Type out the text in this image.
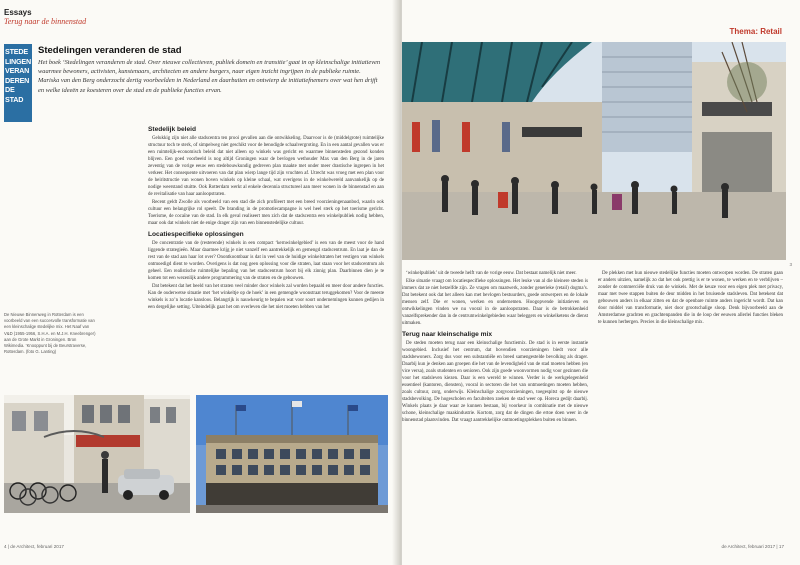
Essays
Terug naar de binnenstad
STEDE
LINGEN
VERAN
DEREN
DE
STAD
Stedelingen veranderen de stad
Het boek ‘Stedelingen veranderen de stad. Over nieuwe collectieven, publiek domein en transitie’ gaat in op kleinschalige initiatieven waarmee bewoners, activisten, kunstenaars, architecten en andere burgers, naar eigen inzicht ingrijpen in de publieke ruimte. Mariska van den Berg onderzocht dertig voorbeelden in Nederland en daarbuiten en ontwierp de initiatiefnemers over wat hen drijft en welke ideeën ze koesteren over de stad en de publieke functies ervan.
Stedelijk beleid

Gelukkig zijn niet alle stadscentra ten prooi gevallen aan die ontwikkeling. Daarvoor is de (middelgrote) ruimtelijke structuur toch te sterk, of simpelweg niet geschikt voor de benodigde schaalvergroting. En in een aantal gevallen was er een ruimtelijk-economisch beleid dat niet alleen op winkels was gericht en waarmee binnensteden gezond konden blijven. Een goed voorbeeld is nog altijd Groningen waar de bevlogen wethouder Max van den Berg in de jaren zeventig van de vorige eeuw een stedebouwkundig gedreven plan maakte met onder meer drastische ingrepen in het verkeer. Het consequente uitvoeren van dat plan wierp lange tijd zijn vruchten af. Utrecht was vroeg met een plan voor de heiritstructie van wonen boven winkels op kleine schaal, wat overigens in de winkelwereld aanvankelijk op de nodige weerstand stuitte. Ook Rotterdam werkt al enkele decennia structureel aan meer wonen in de binnenstad en aan de revitalisatie van haar aanloopstraten.

Recent geldt Zwolle als voorbeeld van een stad die zich profileert met een breed voorzieningenaanbod, waarin ook cultuur een belangrijke rol speelt. De branding in de promotiecampagne is wel heel sterk op het toerisme gericht. Toerisme, de cocaïne van de stad. In elk geval realiseert men zich dat de stadscentra een winkelpubliek nodig hebben, maar ook dat winkels niet de enige drager zijn van een binnenstedelijke cultuur.

Locatiespecifieke oplossingen

De concentratie van de (resterende) winkels in een compact ‘kernwinkelgebied’ is een van de meest voor de hand liggende strategieën. Maar daarmee krijg je niet vanzelf een aantrekkelijk en gemengd stadscentrum. En laat je dan de rest van de stad aan haar lot over? Onontkoombaar is dat in veel van de huidige winkelstraten het vestigen van winkels ontmoedigd dient te worden. Overigens is dat nog geen oplossing voor die straten, laat staan voor het stadscentrum als geheel. Een realistische ruimtelijke bepaling van het stadscentrum hoort bij elk zinnig plan. Daarbinnen dien je te komen tot een wezenlijk andere programmering van de straten en de gebouwen.

Dat betekent dat het beeld van het straten veel minder door winkels zal worden bepaald en meer door andere functies. Kan de ouderwetse situatie met ‘het winkeltje op de hoek’ in een gemengde woonstraat teruggekomen? Voor de meeste winkels is zo’n locatie kansloos. Belangrijk is nauwkeurig te bepalen wat voor soort ondernemingen kunnen gedijen in een dergelijke setting. Uiteindelijk gaat het om overleven die het niet moeten hebben van het

De Nieuwe Binnenweg in Rotterdam is een voorbeeld van een succesvolle transformatie van een kleinschalige stedelijke mix. Het Naaf van V&D (1955-1956, S.H.A. en M.J.H. Kneebrenger) aan de Grote Markt in Groningen. Bron Wikimedia. ‘Knooppunt bij de Beurstraverse, Rotterdam. (foto G. Lanting)
4 | de Architect, februari 2017
Thema: Retail
3

‘winkelpubliek’ uit de tweede helft van de vorige eeuw. Dat bestaat namelijk niet meer.

Elke situatie vraagt om locatiespecifieke oplossingen. Het leuke van al die kleinere steden is immers dat ze niet hetzelfde zijn. Ze vragen om maatwerk, zonder generieke (retail) dogma’s. Dat betekent ook dat het alleen kan met bevlogen bestuurders, goede ontwerpers en de lokale mensen zelf. Die er wonen, werken en ondernemen. Hoogopvende initiatieven en ontwikkelingen vinden we nu vooral in de aanloopstraten. Daar is de betrokkenheid vanzelfsprekender dan in de centrumwinkelgebieden waar beleggers en winkelketens de dienst uitmaken.

Terug naar kleinschalige mix

De steden moeten terug naar een kleinschalige functiemix. De stad is in eerste instantie woongebied. Inclusief het centrum, dat bovendien voorzieningen biedt voor alle stadsbewoners. Zorg dus voor een substantiële en breed samengestelde bevolking als drager. Daarbij kun je denken aan groepen die het van de levendigheid van de stad moeten hebben (en vice versa), zoals studenten en senioren. Ook zijn goede woonvormen nodig voor gezinnen die voor het stadsleven kiezen. Daar is een wereld te winnen. Verder is de werkgelegenheid essentieel (kantoren, diensten), vooral in sectoren die het van ontmoetingen moeten hebben, zoals cultuur, zorg, onderwijs. Kleinschalige zorgvoorzieningen, toegespitst op de nieuwe stadsbevolking. De hogescholen en faculteiten zoeken de stad weer op. Horeca gedijt daarbij. Winkels plaats je daar waar ze kunnen bestaan, bij voorkeur in combinatie met de nieuwe schone, kleinschalige maakindustrie. Kortom, zorg dat de dingen die ertoe doen weer in de binnenstad plaatsvinden. Dat vraagt aantrekkelijke ontmoetingsplekken buiten en binnen.

De plekken met hun nieuwe stedelijke functies moeten ontworpen worden. De straten gaan er anders uitzien, namelijk zo dat het ook prettig is er te wonen, te werken en te verblijven – zonder de commerciële druk van de winkels. Met de keuze voor een eigen plek met privacy, maar met twee stappen buiten de deur midden in het bruisende stadsleven. Dat betekent dat gebouwen anders in elkaar zitten en dat de openbare ruimte anders ingericht wordt. Dat kan door middel van transformatie, niet door grootschalige sloop. Denk bijvoorbeeld aan de Amsterdamse grachten en grachtenpanden die in de loop der eeuwen allerlei functies bleken te kunnen herbergen. Precies in die kleinschalige mix.

de Architect, februari 2017 | 17
